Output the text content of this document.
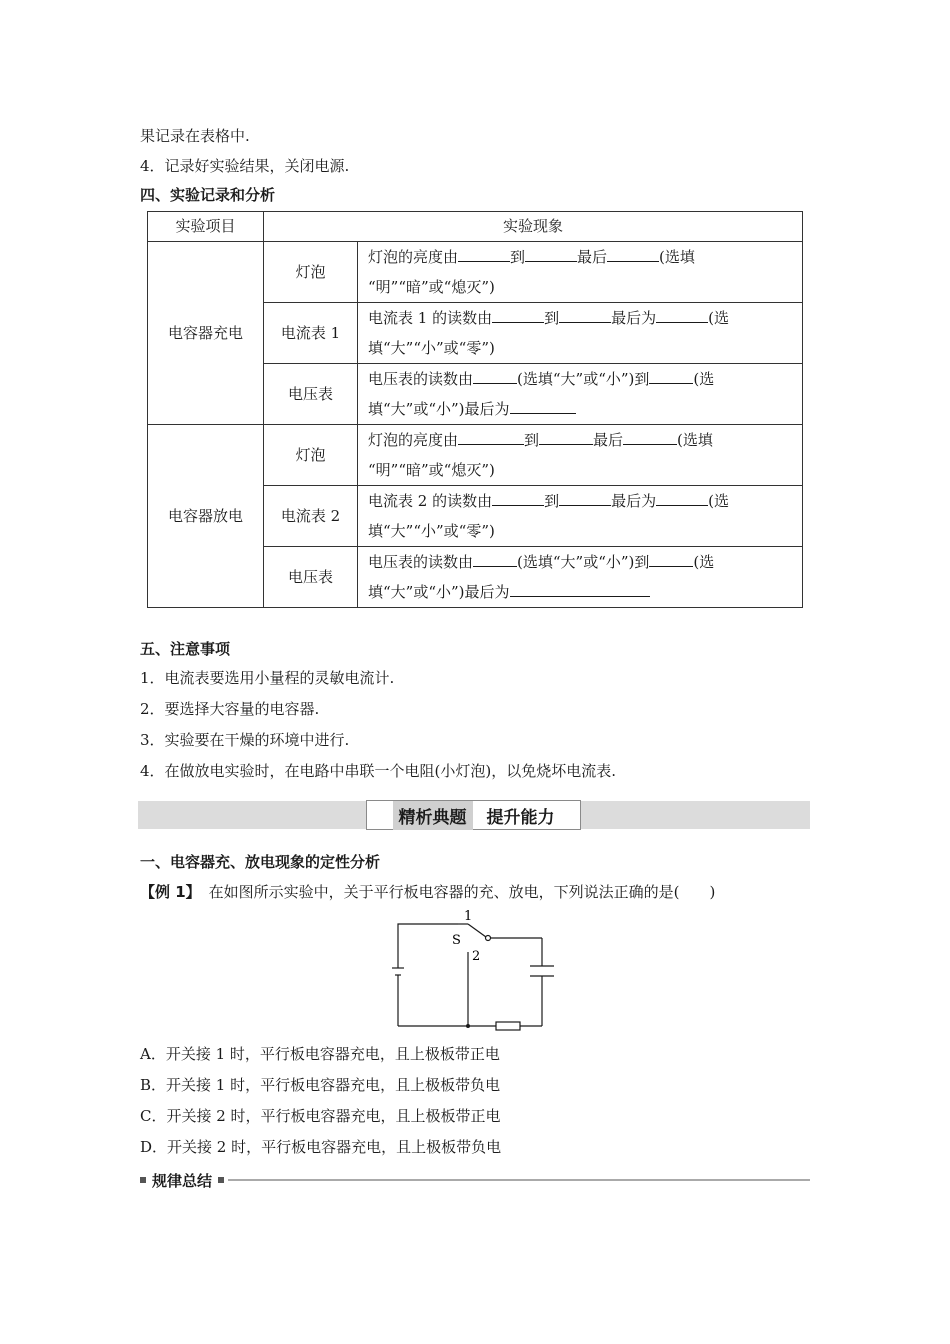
果记录在表格中.
4．记录好实验结果，关闭电源.
四、实验记录和分析
实验项目	实验现象	
电容器充电	灯泡	灯泡的亮度由 到 最后 (选填
“明”“暗”或“熄灭”)

	电流表 1	电流表 1 的读数由 到 最后为 (选
填“大”“小”或“零”)

	电压表	电压表的读数由 (选填“大”或“小”)到 (选
填“大”或“小”)最后为

电容器放电	灯泡	灯泡的亮度由 到 最后 (选填
“明”“暗”或“熄灭”)

	电流表 2	电流表 2 的读数由 到 最后为 (选
填“大”“小”或“零”)

	电压表	电压表的读数由 (选填“大”或“小”)到 (选
填“大”或“小”)最后为
五、注意事项
1．电流表要选用小量程的灵敏电流计.
2．要选择大容量的电容器.
3．实验要在干燥的环境中进行.
4．在做放电实验时，在电路中串联一个电阻(小灯泡)，以免烧坏电流表.
精析典题	提升能力
一、电容器充、放电现象的定性分析
【例 1】 在如图所示实验中，关于平行板电容器的充、放电，下列说法正确的是(　　)
1
S
2
A．开关接 1 时，平行板电容器充电，且上极板带正电
B．开关接 1 时，平行板电容器充电，且上极板带负电
C．开关接 2 时，平行板电容器充电，且上极板带正电
D．开关接 2 时，平行板电容器充电，且上极板带负电
规律总结
